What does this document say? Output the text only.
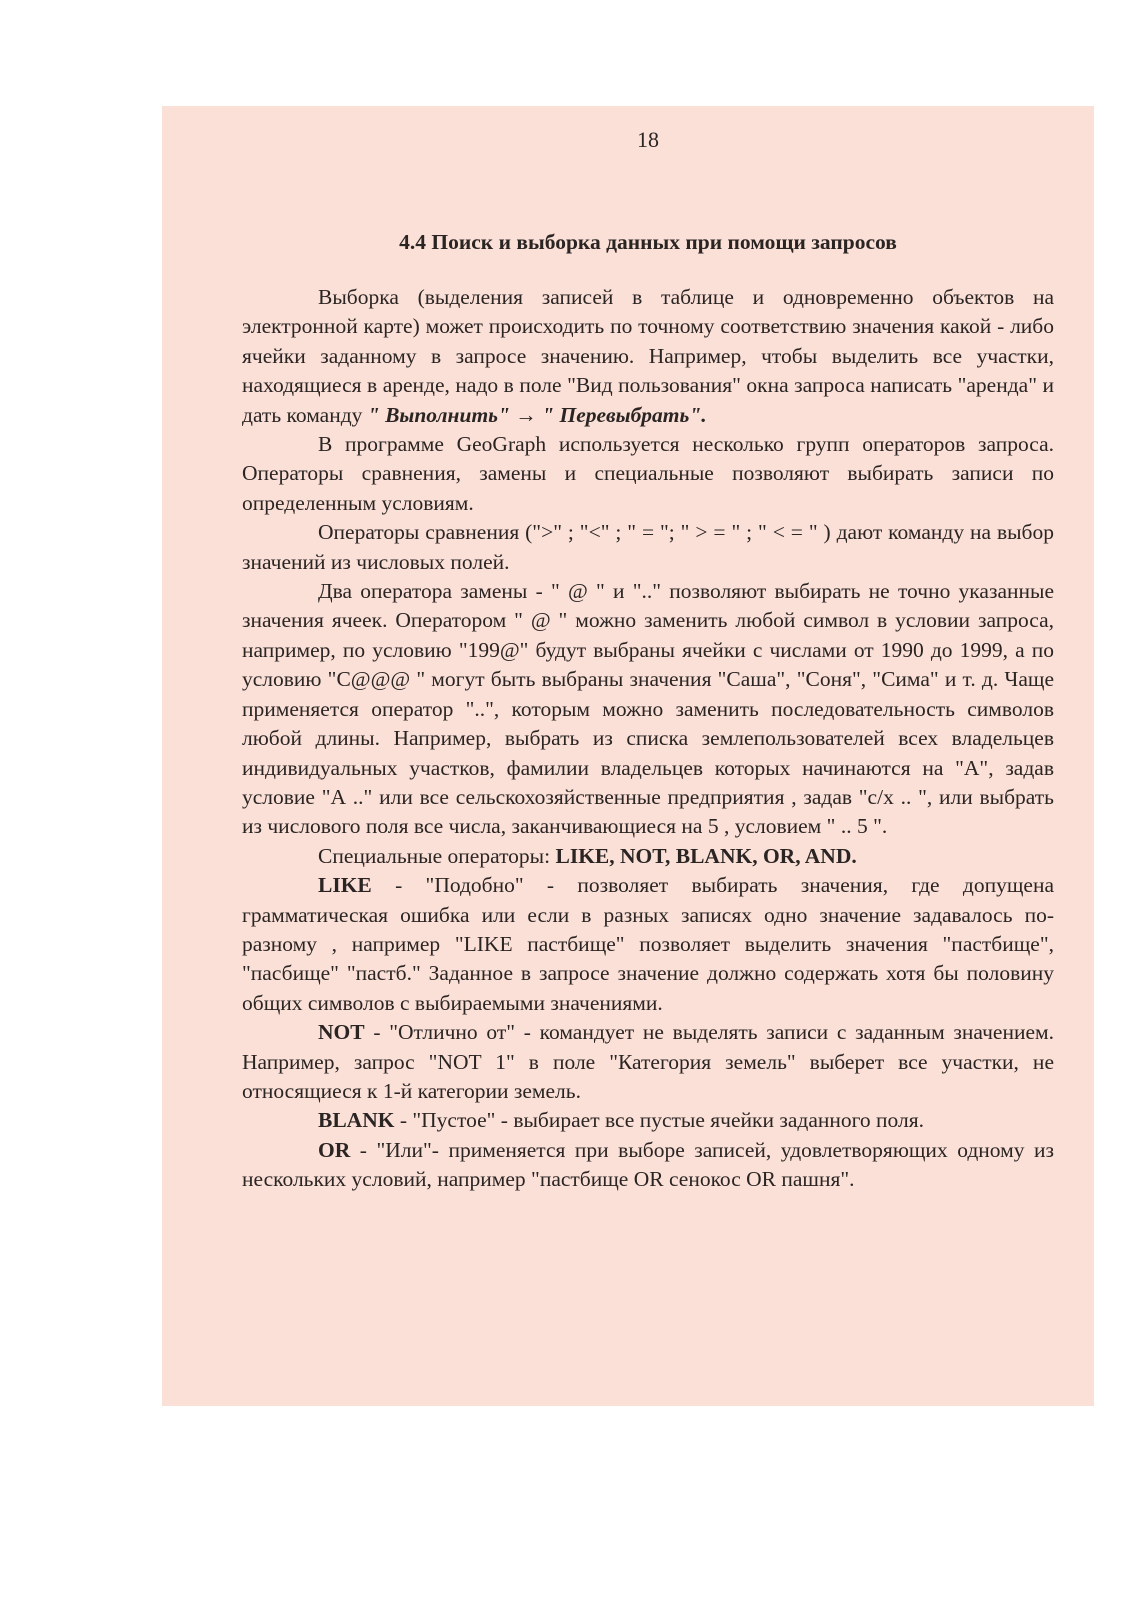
18
4.4 Поиск и выборка данных при помощи запросов

Выборка (выделения записей в таблице и одновременно объектов на электронной карте) может происходить по точному соответствию значения какой - либо ячейки заданному в запросе значению. Например, чтобы выделить все участки, находящиеся в аренде, надо в поле "Вид пользования" окна запроса написать "аренда" и дать команду " Выполнить" → " Перевыбрать".

В программе GeoGraph используется несколько групп операторов запроса. Операторы сравнения, замены и специальные позволяют выбирать записи по определенным условиям.

Операторы сравнения (">" ; "<" ; " = "; " > = " ; " < = " ) дают команду на выбор значений из числовых полей.

Два оператора замены - " @ " и ".." позволяют выбирать не точно указанные значения ячеек. Оператором " @ " можно заменить любой символ в условии запроса, например, по условию "199@" будут выбраны ячейки с числами от 1990 до 1999, а по условию "С@@@ " могут быть выбраны значения "Саша", "Соня", "Сима" и т. д. Чаще применяется оператор "..", которым можно заменить последовательность символов любой длины. Например, выбрать из списка землепользователей всех владельцев индивидуальных участков, фамилии владельцев которых начинаются на "А", задав условие "А .." или все сельскохозяйственные предприятия , задав "с/х .. ", или выбрать из числового поля все числа, заканчивающиеся на 5 , условием " .. 5 ".

Специальные операторы: LIKE, NOT, BLANK, OR, AND.

LIKE - "Подобно" - позволяет выбирать значения, где допущена грамматическая ошибка или если в разных записях одно значение задавалось по-разному , например "LIKE пастбище" позволяет выделить значения "пастбище", "пасбище" "пастб." Заданное в запросе значение должно содержать хотя бы половину общих символов с выбираемыми значениями.

NOT - "Отлично от" - командует не выделять записи с заданным значением. Например, запрос "NOT 1" в поле "Категория земель" выберет все участки, не относящиеся к 1-й категории земель.

BLANK - "Пустое" - выбирает все пустые ячейки заданного поля.

OR - "Или"- применяется при выборе записей, удовлетворяющих одному из нескольких условий, например "пастбище OR сенокос OR пашня".
